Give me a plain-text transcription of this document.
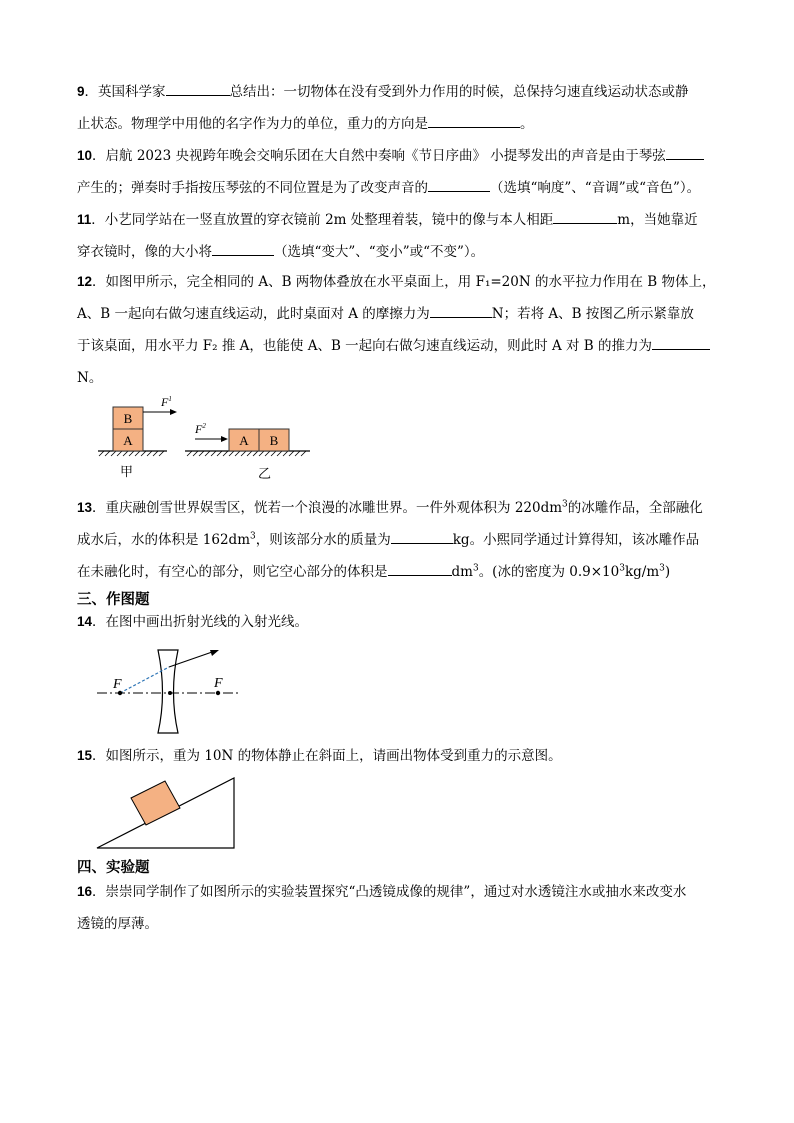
9．英国科学家	总结出：一切物体在没有受到外力作用的时候，总保持匀速直线运动状态或静
止状态。物理学中用他的名字作为力的单位，重力的方向是	。
10．启航 2023 央视跨年晚会交响乐团在大自然中奏响《节日序曲》 小提琴发出的声音是由于琴弦
产生的；弹奏时手指按压琴弦的不同位置是为了改变声音的	（选填“响度”、“音调”或“音色”）。
11．小艺同学站在一竖直放置的穿衣镜前 2m 处整理着装，镜中的像与本人相距	m，当她靠近
穿衣镜时，像的大小将	（选填“变大”、“变小”或“不变”）。
12．如图甲所示，完全相同的 A、B 两物体叠放在水平桌面上，用 F₁=20N 的水平拉力作用在 B 物体上，
A、B 一起向右做匀速直线运动，此时桌面对 A 的摩擦力为	N；若将 A、B 按图乙所示紧靠放
于该桌面，用水平力 F₂ 推 A，也能使 A、B 一起向右做匀速直线运动，则此时 A 对 B 的推力为
N。
A
B
$F^1$
甲
A B
$F^2$
乙
13．重庆融创雪世界娱雪区，恍若一个浪漫的冰雕世界。一件外观体积为 $220dm^3$的冰雕作品，全部融化
成水后，水的体积是 $162dm^3$，则该部分水的质量为	kg。小熙同学通过计算得知，该冰雕作品
在未融化时，有空心的部分，则它空心部分的体积是	$dm^3$。(冰的密度为 $0.9\times 10^3kg/m^3$)
三、作图题
14．在图中画出折射光线的入射光线。
F	F
15．如图所示，重为 10N 的物体静止在斜面上，请画出物体受到重力的示意图。
四、实验题
16．崇崇同学制作了如图所示的实验装置探究“凸透镜成像的规律”，通过对水透镜注水或抽水来改变水
透镜的厚薄。
